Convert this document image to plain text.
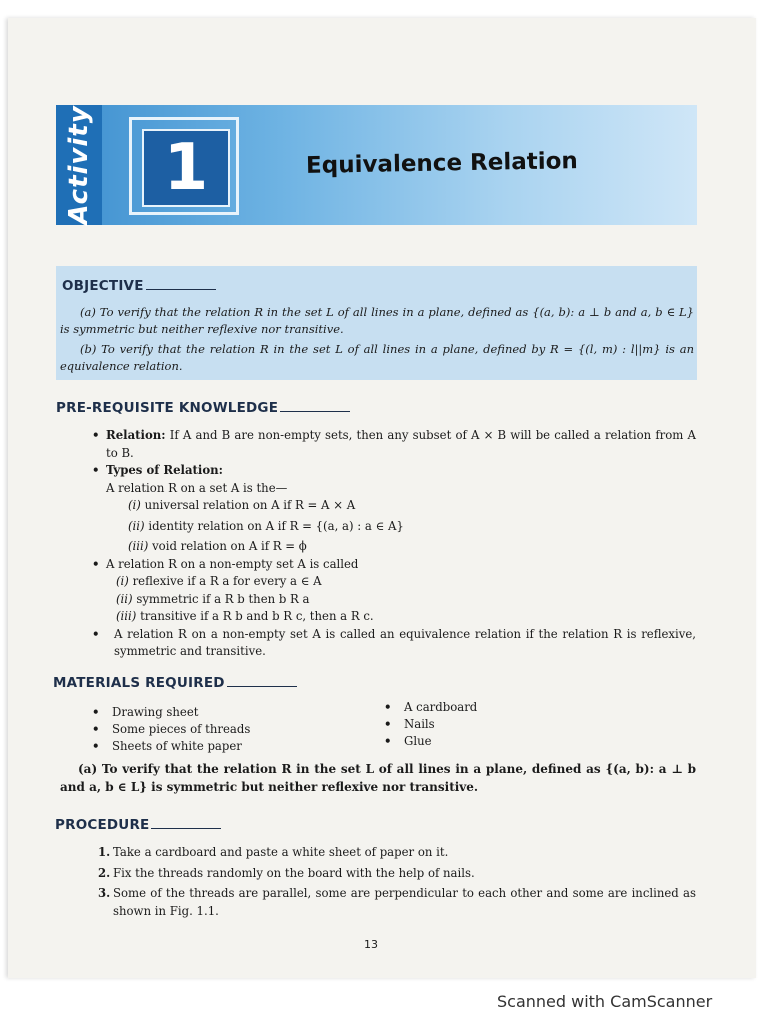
Activity	1	Equivalence Relation
OBJECTIVE

(a) To verify that the relation R in the set L of all lines in a plane, defined as {(a, b): a ⊥ b and a, b ∈ L} is symmetric but neither reflexive nor transitive.

(b) To verify that the relation R in the set L of all lines in a plane, defined by R = {(l, m) : l||m} is an equivalence relation.

PRE-REQUISITE KNOWLEDGE
• Relation: If A and B are non-empty sets, then any subset of A × B will be called a relation from A to B.
• Types of Relation:
A relation R on a set A is the—
(i) universal relation on A if R = A × A
(ii) identity relation on A if R = {(a, a) : a ∈ A}
(iii) void relation on A if R = ϕ
• A relation R on a non-empty set A is called
(i) reflexive if a R a for every a ∈ A
(ii) symmetric if a R b then b R a
(iii) transitive if a R b and b R c, then a R c.
• A relation R on a non-empty set A is called an equivalence relation if the relation R is reflexive, symmetric and transitive.
MATERIALS REQUIRED
• Drawing sheet
• Some pieces of threads
• Sheets of white paper
• A cardboard
• Nails
• Glue
(a) To verify that the relation R in the set L of all lines in a plane, defined as {(a, b): a ⊥ b and a, b ∈ L} is symmetric but neither reflexive nor transitive.
PROCEDURE
1. Take a cardboard and paste a white sheet of paper on it.
2. Fix the threads randomly on the board with the help of nails.
3. Some of the threads are parallel, some are perpendicular to each other and some are inclined as shown in Fig. 1.1.
13
Scanned with CamScanner
